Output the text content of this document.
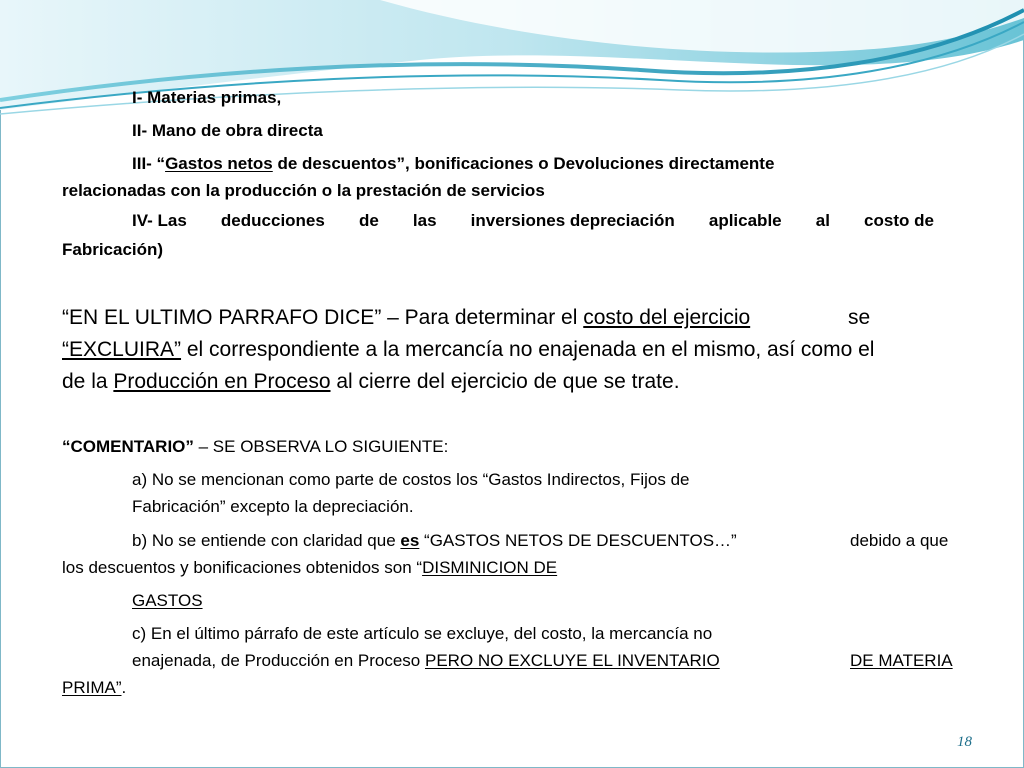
I- Materias primas,
II- Mano de obra directa
III- “Gastos netos de descuentos”, bonificaciones o Devoluciones directamente
relacionadas con la producción o la prestación de servicios
IV- Las deducciones de las inversiones depreciación aplicable al costo de
Fabricación)
“EN EL ULTIMO PARRAFO DICE” – Para determinar el costo del ejercicio	se
“EXCLUIRA” el correspondiente a la mercancía no enajenada en el mismo, así como el
de la Producción en Proceso al cierre del ejercicio de que se trate.
“COMENTARIO” – SE OBSERVA LO SIGUIENTE:
a) No se mencionan como parte de costos los “Gastos Indirectos, Fijos de
Fabricación” excepto la depreciación.
b) No se entiende con claridad que es “GASTOS NETOS DE DESCUENTOS…”	debido a que
los descuentos y bonificaciones obtenidos son “DISMINICION DE
GASTOS
c) En el último párrafo de este artículo se excluye, del costo, la mercancía no
enajenada, de Producción en Proceso PERO NO EXCLUYE EL INVENTARIO	DE MATERIA
PRIMA”.
18
